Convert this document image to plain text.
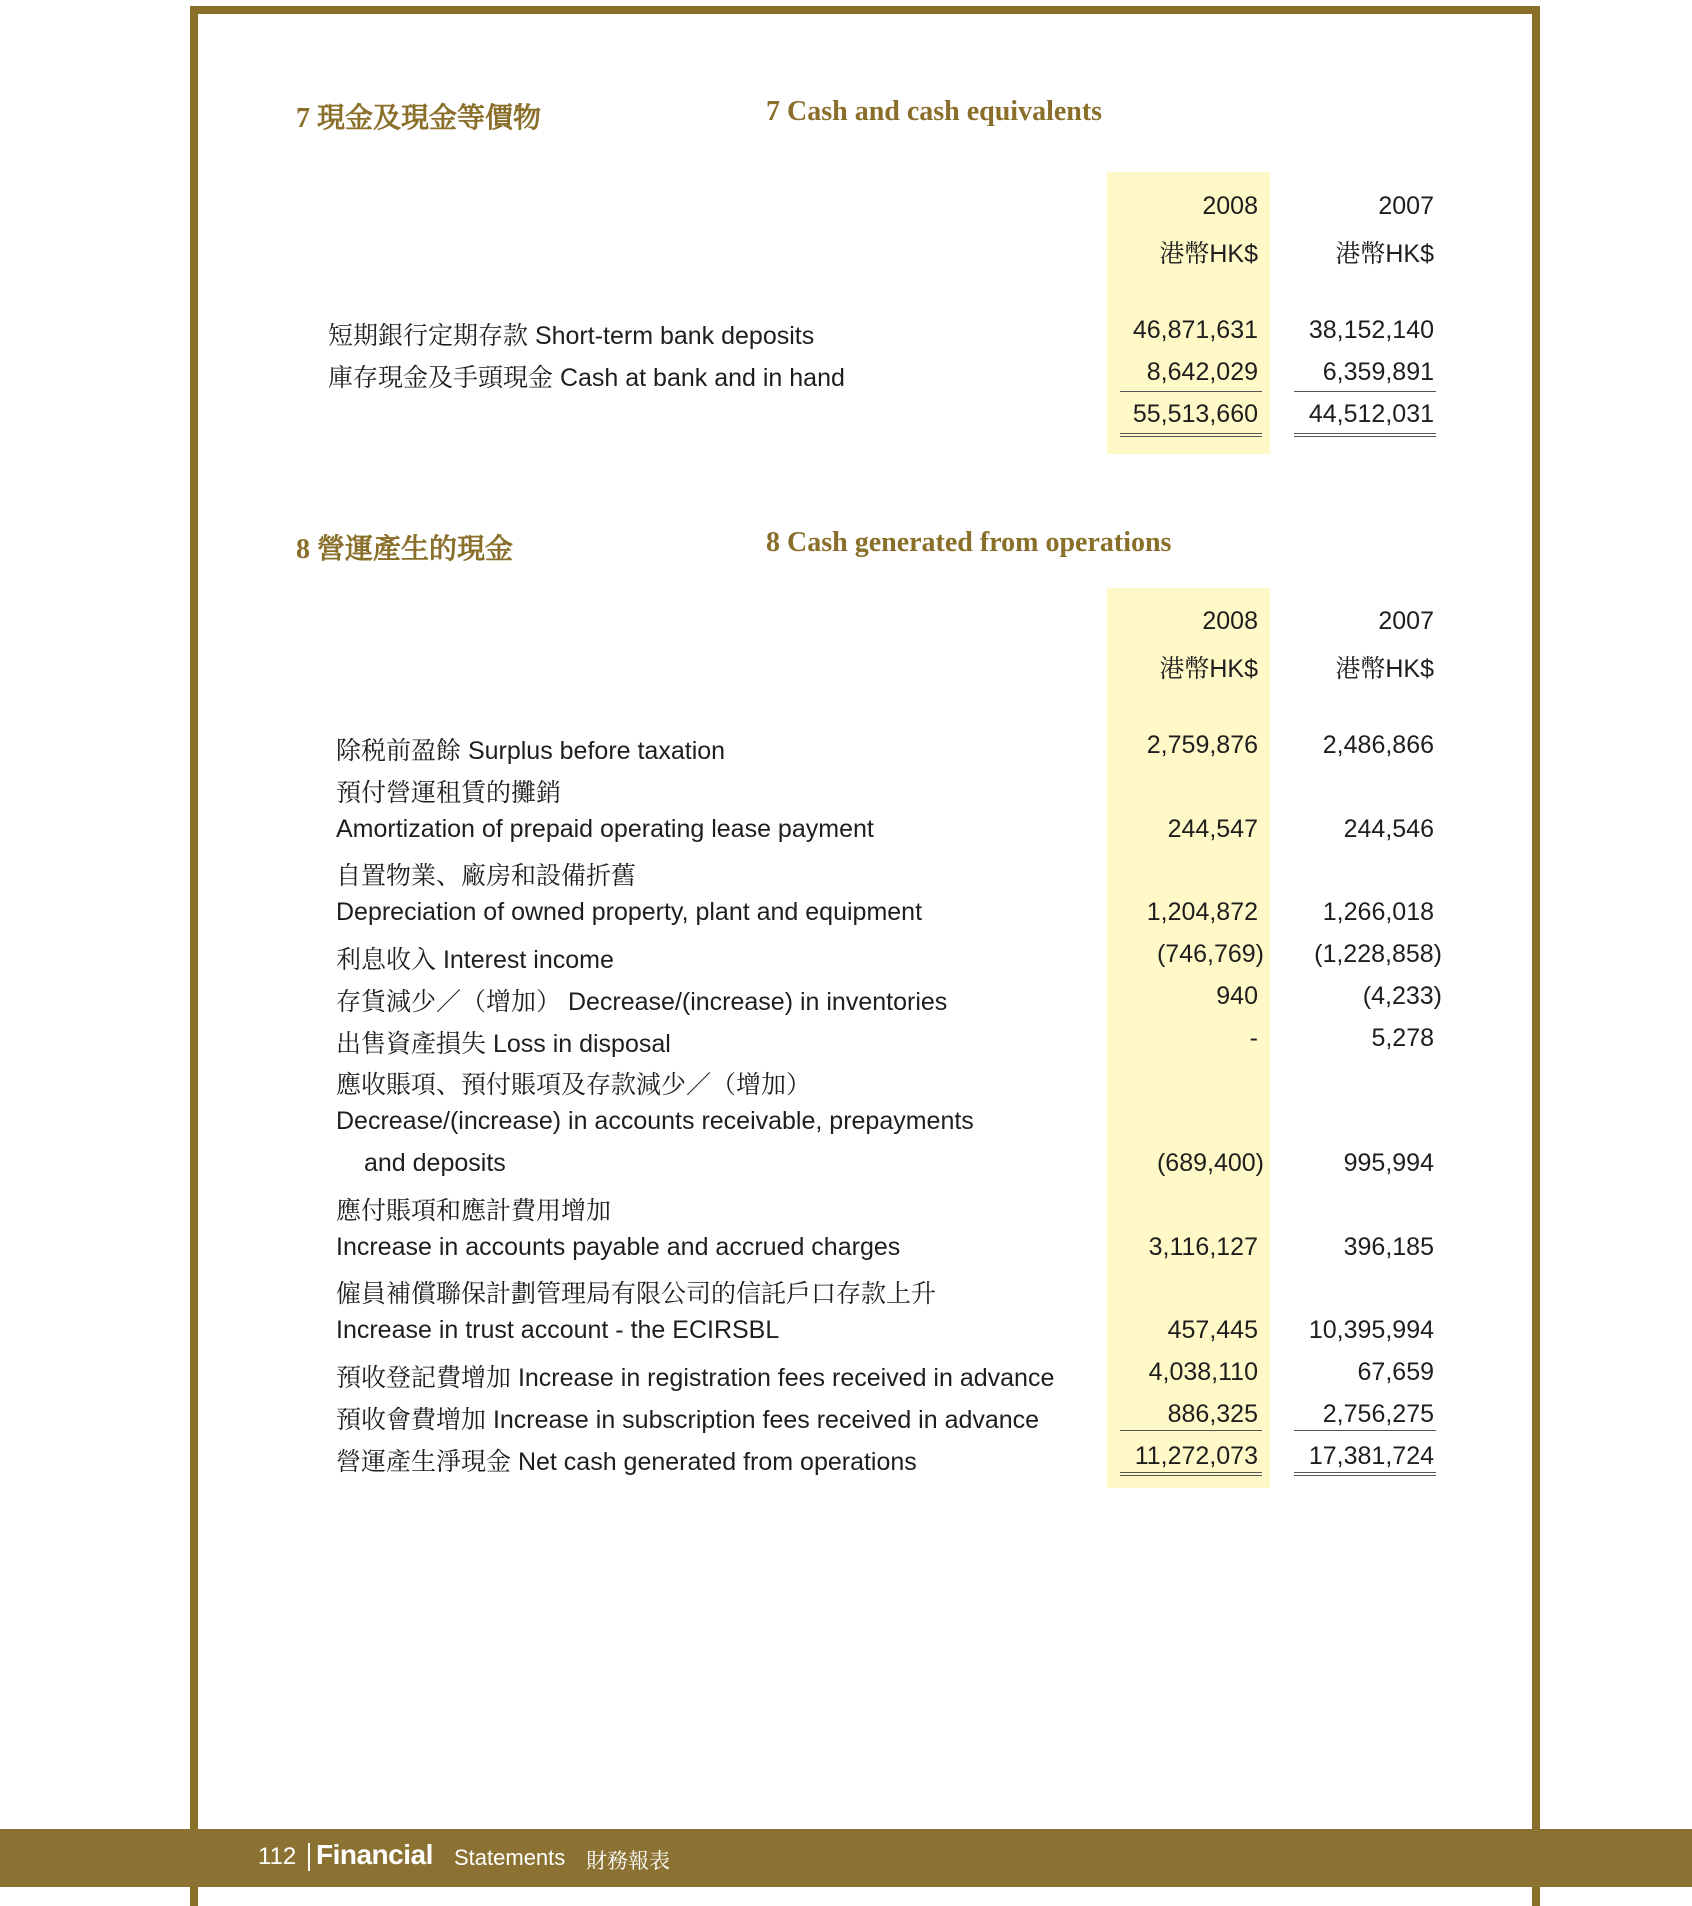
7 現金及現金等價物	7 Cash and cash equivalents
2008	2007
港幣HK$	港幣HK$
短期銀行定期存款 Short-term bank deposits	46,871,631	38,152,140
庫存現金及手頭現金 Cash at bank and in hand	8,642,029	6,359,891
55,513,660	44,512,031
8 營運產生的現金	8 Cash generated from operations
2008	2007
港幣HK$	港幣HK$
除税前盈餘 Surplus before taxation	2,759,876	2,486,866
預付營運租賃的攤銷
Amortization of prepaid operating lease payment	244,547	244,546
自置物業、廠房和設備折舊
Depreciation of owned property, plant and equipment	1,204,872	1,266,018
利息收入 Interest income	(746,769)	(1,228,858)
存貨減少／（增加） Decrease/(increase) in inventories	940	(4,233)
出售資產損失 Loss in disposal	-	5,278
應收賬項、預付賬項及存款減少／（增加）
Decrease/(increase) in accounts receivable, prepayments
and deposits	(689,400)	995,994
應付賬項和應計費用增加
Increase in accounts payable and accrued charges	3,116,127	396,185
僱員補償聯保計劃管理局有限公司的信託戶口存款上升
Increase in trust account - the ECIRSBL	457,445	10,395,994
預收登記費增加 Increase in registration fees received in advance	4,038,110	67,659
預收會費增加 Increase in subscription fees received in advance	886,325	2,756,275
營運產生淨現金 Net cash generated from operations	11,272,073	17,381,724
112 Financial Statements 財務報表
